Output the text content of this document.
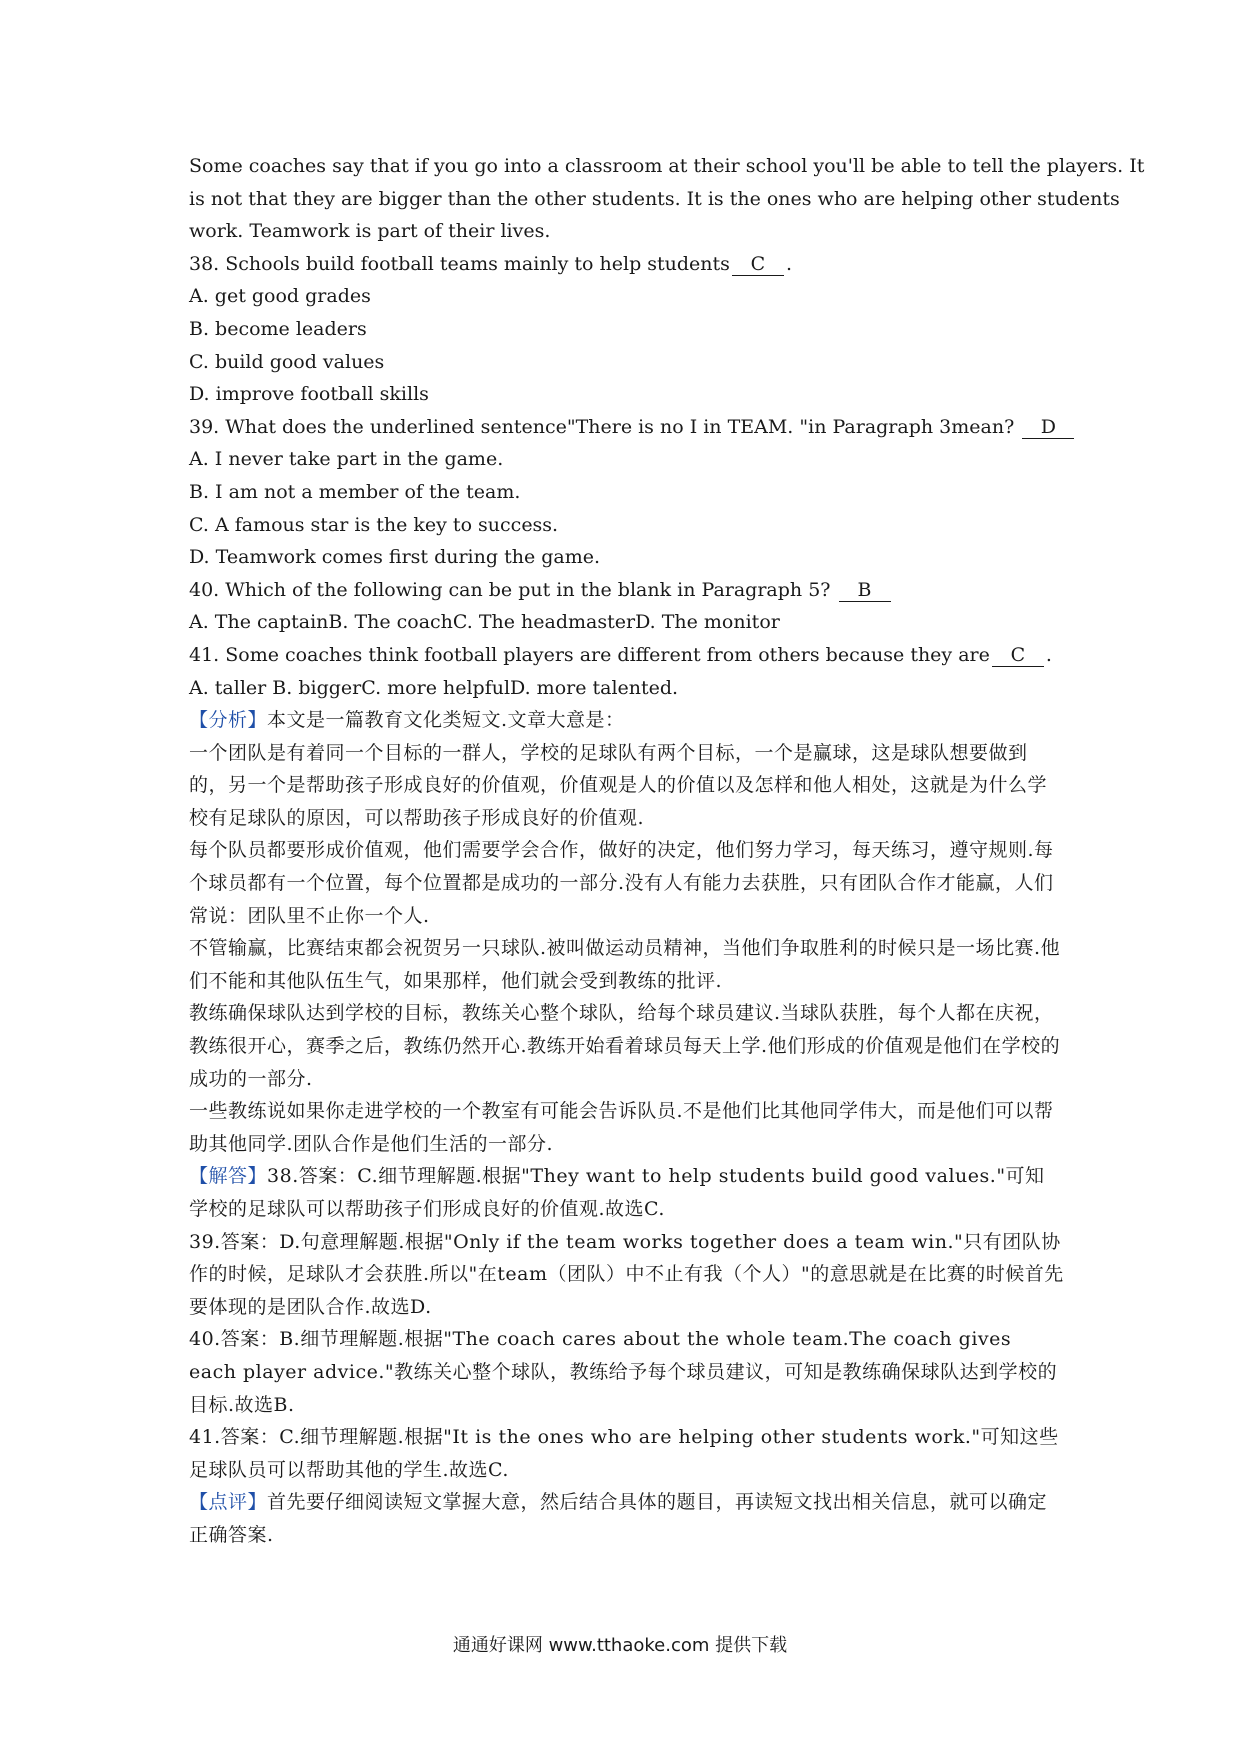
Some coaches say that if you go into a classroom at their school you'll be able to tell the players. It
is not that they are bigger than the other students. It is the ones who are helping other students
work. Teamwork is part of their lives.
38. Schools build football teams mainly to help students C .
A. get good grades
B. become leaders
C. build good values
D. improve football skills
39. What does the underlined sentence"There is no I in TEAM. "in Paragraph 3mean? D
A. I never take part in the game.
B. I am not a member of the team.
C. A famous star is the key to success.
D. Teamwork comes first during the game.
40. Which of the following can be put in the blank in Paragraph 5? B
A. The captainB. The coachC. The headmasterD. The monitor
41. Some coaches think football players are different from others because they are C .
A. taller B. biggerC. more helpfulD. more talented.
【分析】本文是一篇教育文化类短文.文章大意是：
一个团队是有着同一个目标的一群人，学校的足球队有两个目标，一个是赢球，这是球队想要做到的，另一个是帮助孩子形成良好的价值观，价值观是人的价值以及怎样和他人相处，这就是为什么学校有足球队的原因，可以帮助孩子形成良好的价值观.
每个队员都要形成价值观，他们需要学会合作，做好的决定，他们努力学习，每天练习，遵守规则.每个球员都有一个位置，每个位置都是成功的一部分.没有人有能力去获胜，只有团队合作才能赢，人们常说：团队里不止你一个人.
不管输赢，比赛结束都会祝贺另一只球队.被叫做运动员精神，当他们争取胜利的时候只是一场比赛.他们不能和其他队伍生气，如果那样，他们就会受到教练的批评.
教练确保球队达到学校的目标，教练关心整个球队，给每个球员建议.当球队获胜，每个人都在庆祝，教练很开心，赛季之后，教练仍然开心.教练开始看着球员每天上学.他们形成的价值观是他们在学校的成功的一部分.
一些教练说如果你走进学校的一个教室有可能会告诉队员.不是他们比其他同学伟大，而是他们可以帮助其他同学.团队合作是他们生活的一部分.
【解答】38.答案：C.细节理解题.根据"They want to help students build good values."可知学校的足球队可以帮助孩子们形成良好的价值观.故选C.
39.答案：D.句意理解题.根据"Only if the team works together does a team win."只有团队协作的时候，足球队才会获胜.所以"在team（团队）中不止有我（个人）"的意思就是在比赛的时候首先要体现的是团队合作.故选D.
40.答案：B.细节理解题.根据"The coach cares about the whole team.The coach gives each player advice."教练关心整个球队，教练给予每个球员建议，可知是教练确保球队达到学校的目标.故选B.
41.答案：C.细节理解题.根据"It is the ones who are helping other students work."可知这些足球队员可以帮助其他的学生.故选C.
【点评】首先要仔细阅读短文掌握大意，然后结合具体的题目，再读短文找出相关信息，就可以确定正确答案.
通通好课网 www.tthaoke.com 提供下载
